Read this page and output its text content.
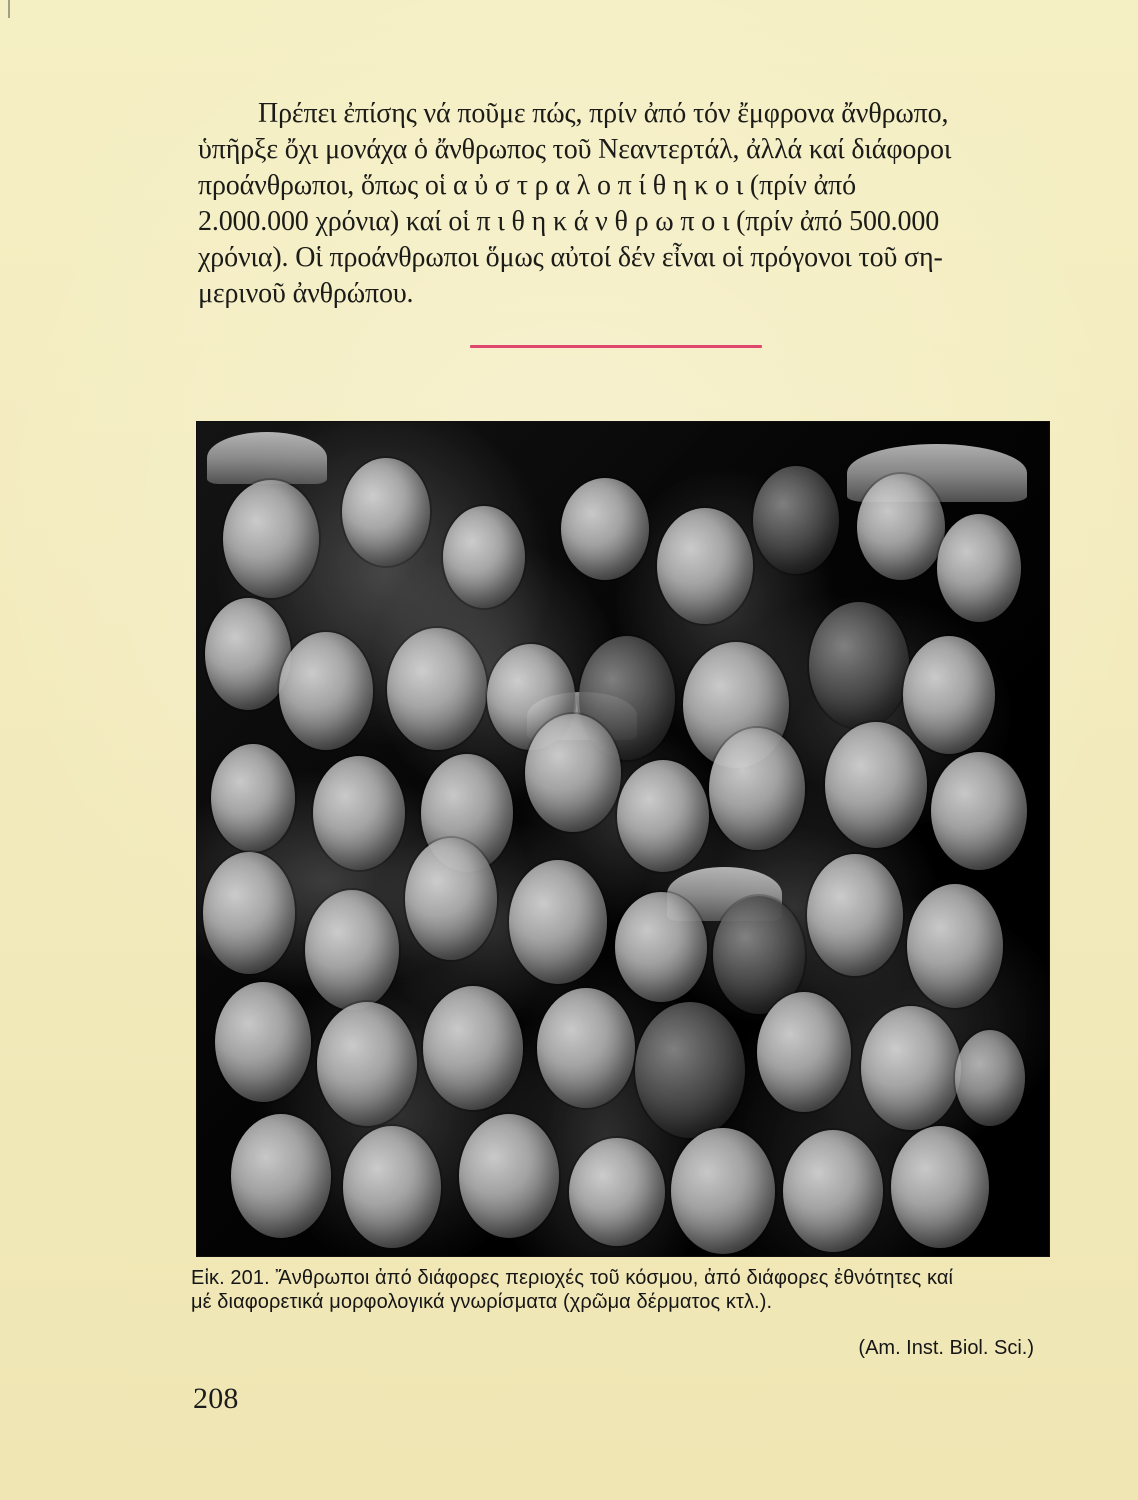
Πρέπει ἐπίσης νά ποῦμε πώς, πρίν ἀπό τόν ἔμφρονα ἄνθρωπο,
ὑπῆρξε ὄχι μονάχα ὁ ἄνθρωπος τοῦ Νεαντερτάλ, ἀλλά καί διάφοροι
προάνθρωποι, ὅπως οἱ α ὐ σ τ ρ α λ ο π ί θ η κ ο ι (πρίν ἀπό
2.000.000 χρόνια) καί οἱ π ι θ η κ ά ν θ ρ ω π ο ι (πρίν ἀπό 500.000
χρόνια). Οἱ προάνθρωποι ὅμως αὐτοί δέν εἶναι οἱ πρόγονοι τοῦ ση-
μερινοῦ ἀνθρώπου.
Εἰκ. 201. Ἄνθρωποι ἀπό διάφορες περιοχές τοῦ κόσμου, ἀπό διάφορες ἐθνότητες καί
μέ διαφορετικά μορφολογικά γνωρίσματα (χρῶμα δέρματος κτλ.).
(Am. Inst. Biol. Sci.)
208
